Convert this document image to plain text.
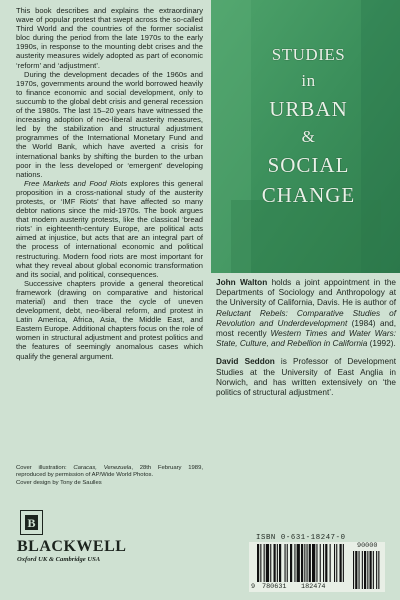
This book describes and explains the extraordinary wave of popular protest that swept across the so-called Third World and the countries of the former socialist bloc during the period from the late 1970s to the early 1990s, in response to the mounting debt crises and the austerity measures widely adopted as part of economic ‘reform’ and ‘adjustment’.

During the development decades of the 1960s and 1970s, governments around the world borrowed heavily to finance economic and social development, only to succumb to the global debt crisis and general recession of the 1980s. The last 15–20 years have witnessed the increasing adoption of neo-liberal austerity measures, led by the stabilization and structural adjustment programmes of the International Monetary Fund and the World Bank, which have averted a crisis for international banks by shifting the burden to the urban poor in the less developed or ‘emergent’ developing nations.

Free Markets and Food Riots explores this general proposition in a cross-national study of the austerity protests, or ‘IMF Riots’ that have affected so many debtor nations since the mid-1970s. The book argues that modern austerity protests, like the classical ‘bread riots’ in eighteenth-century Europe, are political acts aimed at injustice, but acts that are an integral part of the process of international economic and political restructuring. Modern food riots are most important for what they reveal about global economic transformation and its social, and political, consequences.

Successive chapters provide a general theoretical framework (drawing on comparative and historical material) and then trace the cycle of uneven development, debt, neo-liberal reform, and protest in Latin America, Africa, Asia, the Middle East, and Eastern Europe. Additional chapters focus on the role of women in structural adjustment and protest politics and the features of seemingly anomalous cases which qualify the general argument.

Cover illustration: Caracas, Venezuela, 28th February 1989, reproduced by permission of AP/Wide World Photos.

Cover design by Tony de Saulles

B
BLACKWELL
Oxford UK & Cambridge USA
STUDIES
in
URBAN
&
SOCIAL
CHANGE

John Walton holds a joint appointment in the Departments of Sociology and Anthropology at the University of California, Davis. He is author of Reluctant Rebels: Comparative Studies of Revolution and Underdevelopment (1984) and, most recently Western Times and Water Wars: State, Culture, and Rebellion in California (1992).

David Seddon is Professor of Development Studies at the University of East Anglia in Norwich, and has written extensively on ‘the politics of structural adjustment’.

ISBN 0-631-18247-0
9 780631 182474
90000
